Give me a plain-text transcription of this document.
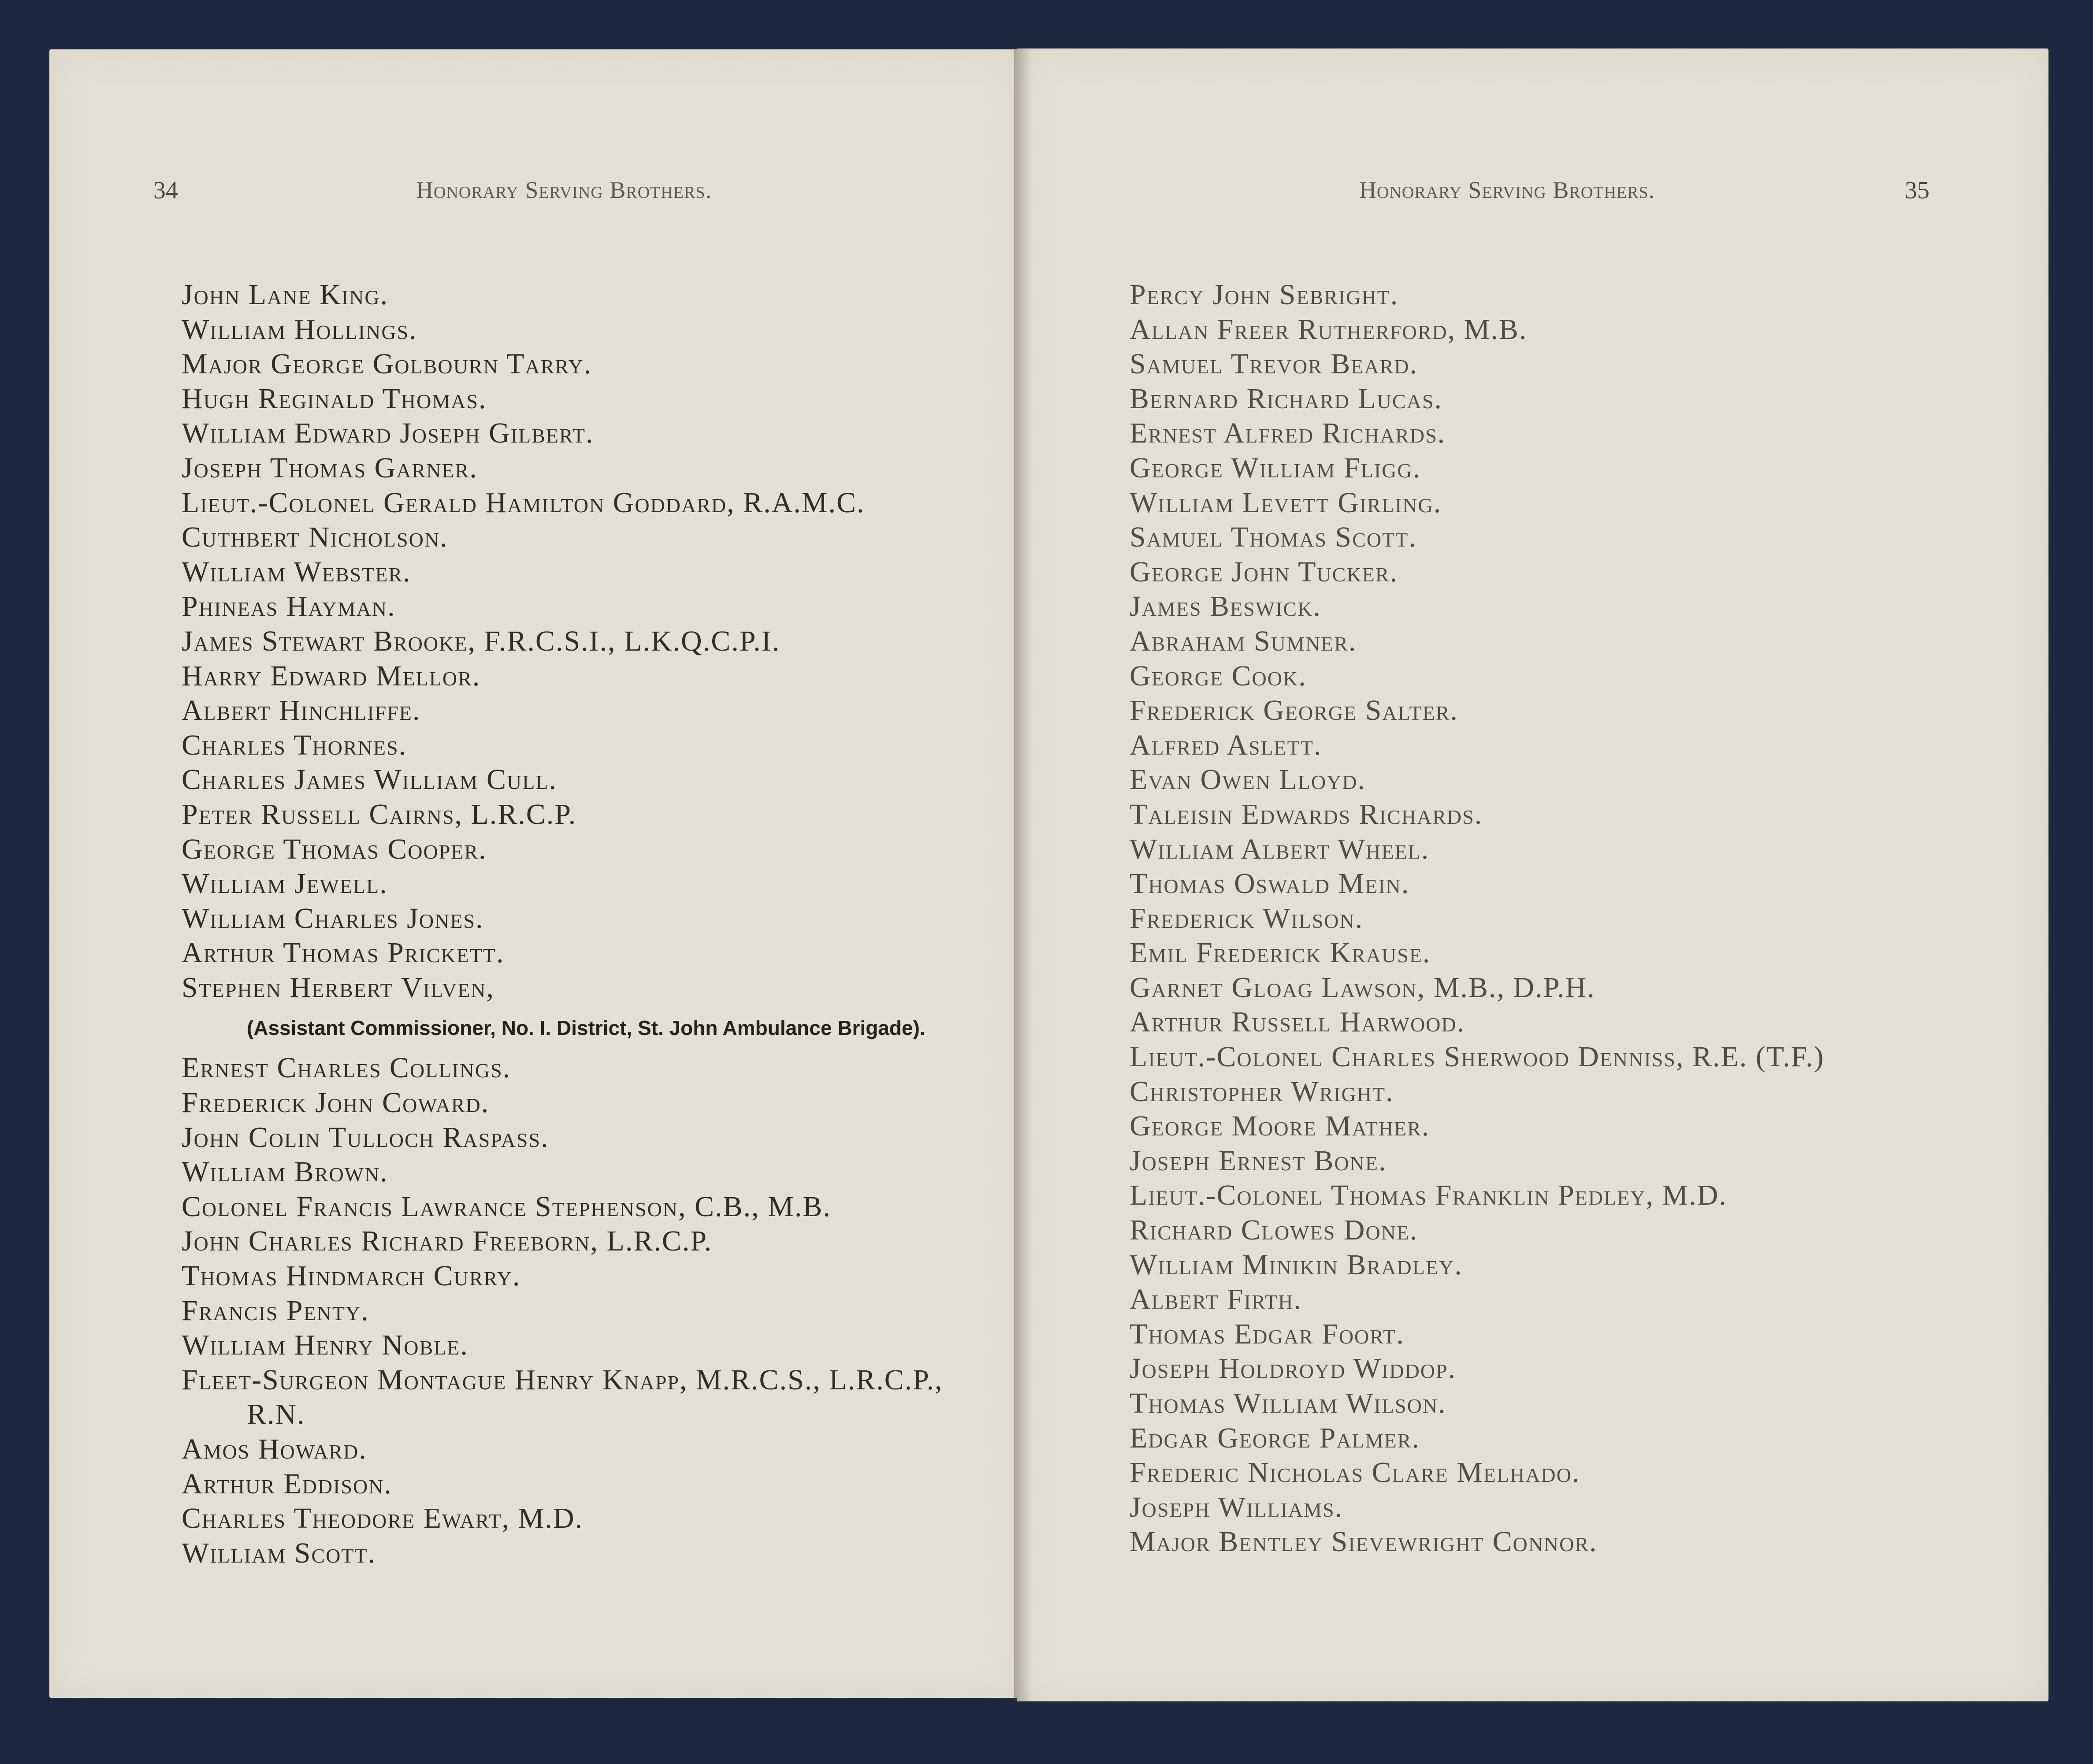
34	Honorary Serving Brothers.	Honorary Serving Brothers.	35
John Lane King.
William Hollings.
Major George Golbourn Tarry.
Hugh Reginald Thomas.
William Edward Joseph Gilbert.
Joseph Thomas Garner.
Lieut.-Colonel Gerald Hamilton Goddard, R.A.M.C.
Cuthbert Nicholson.
William Webster.
Phineas Hayman.
James Stewart Brooke, F.R.C.S.I., L.K.Q.C.P.I.
Harry Edward Mellor.
Albert Hinchliffe.
Charles Thornes.
Charles James William Cull.
Peter Russell Cairns, L.R.C.P.
George Thomas Cooper.
William Jewell.
William Charles Jones.
Arthur Thomas Prickett.
Stephen Herbert Vilven,
(Assistant Commissioner, No. I. District, St. John Ambulance Brigade).
Ernest Charles Collings.
Frederick John Coward.
John Colin Tulloch Raspass.
William Brown.
Colonel Francis Lawrance Stephenson, C.B., M.B.
John Charles Richard Freeborn, L.R.C.P.
Thomas Hindmarch Curry.
Francis Penty.
William Henry Noble.
Fleet-Surgeon Montague Henry Knapp, M.R.C.S., L.R.C.P.,
R.N.
Amos Howard.
Arthur Eddison.
Charles Theodore Ewart, M.D.
William Scott.
Percy John Sebright.
Allan Freer Rutherford, M.B.
Samuel Trevor Beard.
Bernard Richard Lucas.
Ernest Alfred Richards.
George William Fligg.
William Levett Girling.
Samuel Thomas Scott.
George John Tucker.
James Beswick.
Abraham Sumner.
George Cook.
Frederick George Salter.
Alfred Aslett.
Evan Owen Lloyd.
Taleisin Edwards Richards.
William Albert Wheel.
Thomas Oswald Mein.
Frederick Wilson.
Emil Frederick Krause.
Garnet Gloag Lawson, M.B., D.P.H.
Arthur Russell Harwood.
Lieut.-Colonel Charles Sherwood Denniss, R.E. (T.F.)
Christopher Wright.
George Moore Mather.
Joseph Ernest Bone.
Lieut.-Colonel Thomas Franklin Pedley, M.D.
Richard Clowes Done.
William Minikin Bradley.
Albert Firth.
Thomas Edgar Foort.
Joseph Holdroyd Widdop.
Thomas William Wilson.
Edgar George Palmer.
Frederic Nicholas Clare Melhado.
Joseph Williams.
Major Bentley Sievewright Connor.
